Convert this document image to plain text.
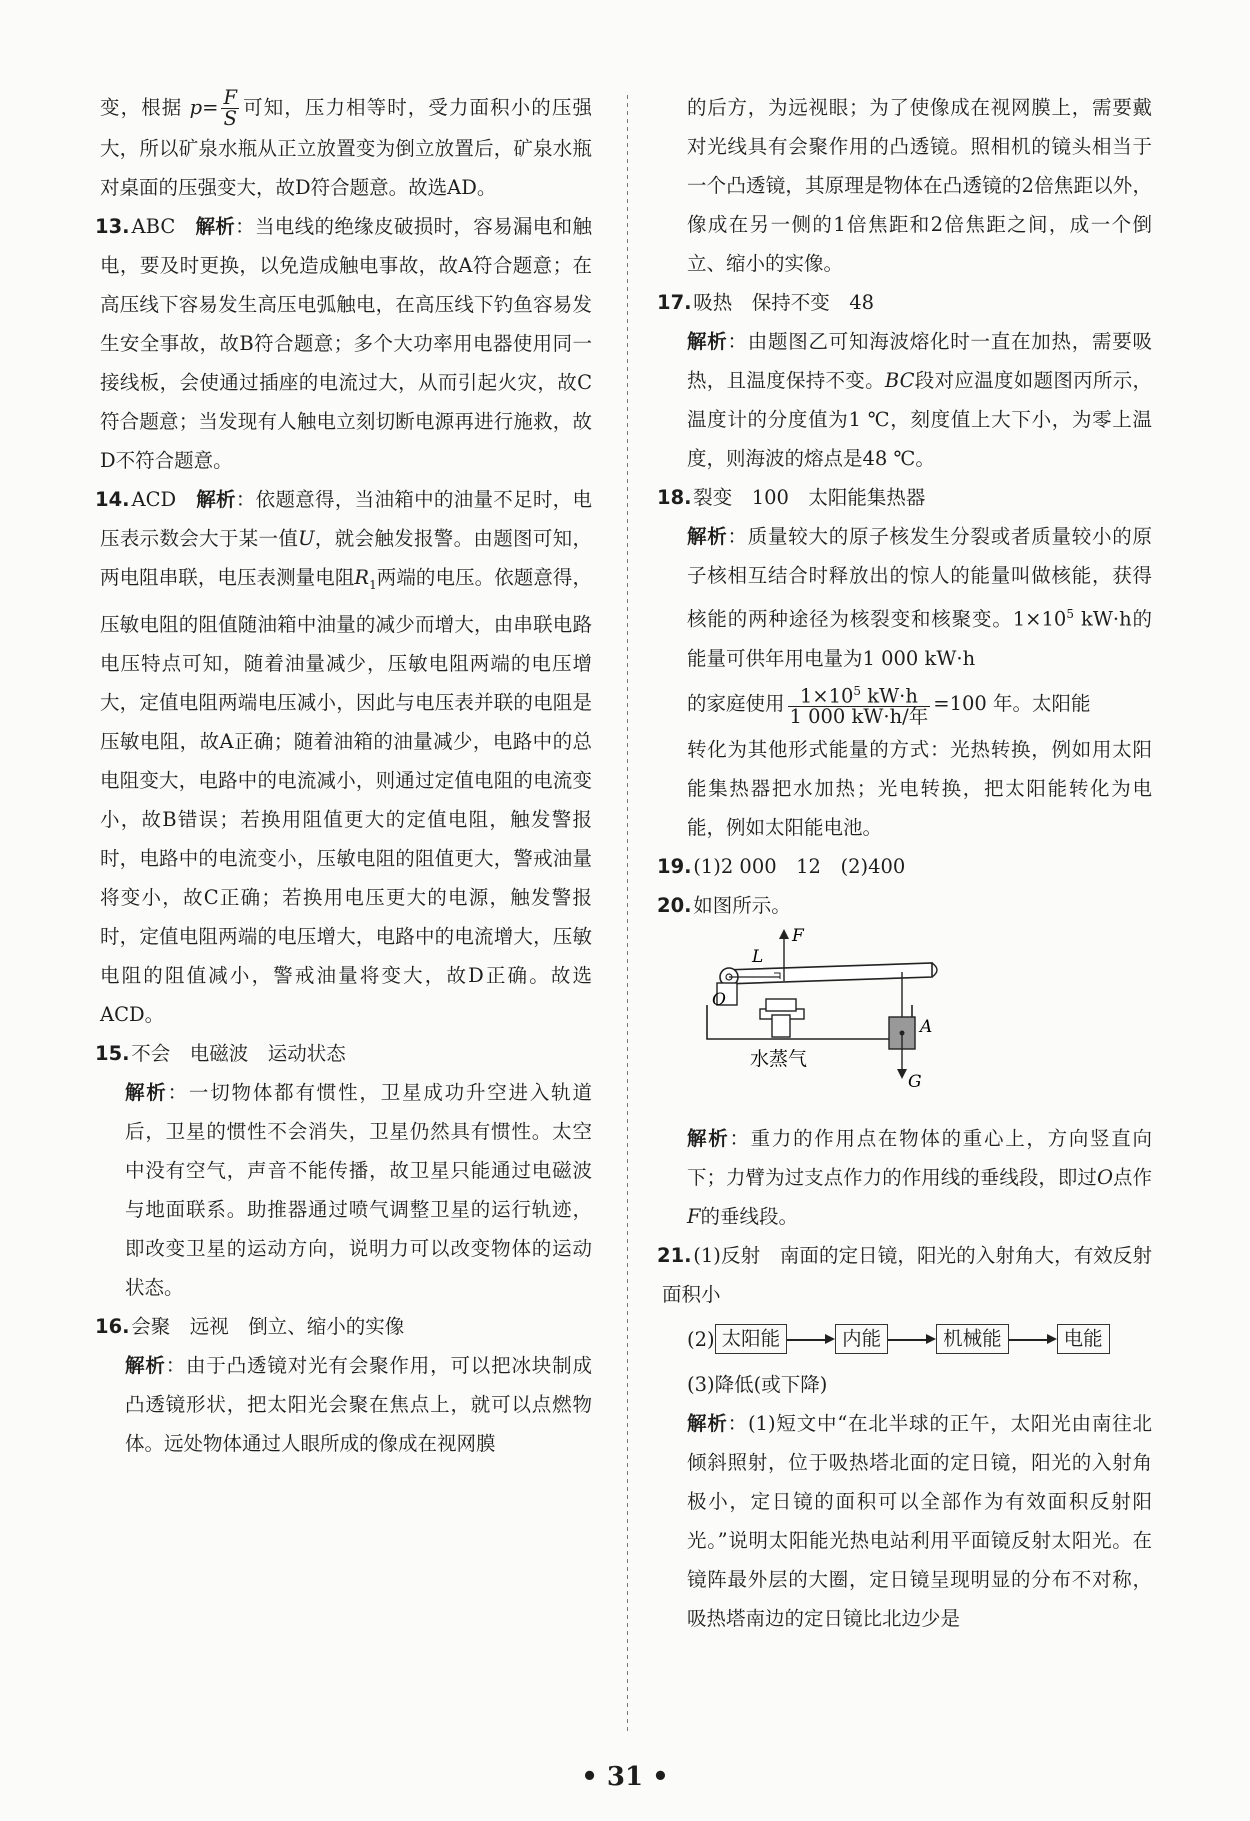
变，根据 $p= \frac{F}{S}$ 可知，压力相等时，受力面积小的压强大，所以矿泉水瓶从正立放置变为倒立放置后，矿泉水瓶对桌面的压强变大，故D符合题意。故选AD。

13. ABC　 解析：当电线的绝缘皮破损时，容易漏电和触电，要及时更换，以免造成触电事故，故A符合题意；在高压线下容易发生高压电弧触电，在高压线下钓鱼容易发生安全事故，故B符合题意；多个大功率用电器使用同一接线板，会使通过插座的电流过大，从而引起火灾，故C符合题意；当发现有人触电立刻切断电源再进行施救，故D不符合题意。

14. ACD　 解析：依题意得，当油箱中的油量不足时，电压表示数会大于某一值U，就会触发报警。由题图可知，两电阻串联，电压表测量电阻$R_1$两端的电压。依题意得，压敏电阻的阻值随油箱中油量的减少而增大，由串联电路电压特点可知，随着油量减少，压敏电阻两端的电压增大，定值电阻两端电压减小，因此与电压表并联的电阻是压敏电阻，故A正确；随着油箱的油量减少，电路中的总电阻变大，电路中的电流减小，则通过定值电阻的电流变小，故B错误；若换用阻值更大的定值电阻，触发警报时，电路中的电流变小，压敏电阻的阻值更大，警戒油量将变小，故C正确；若换用电压更大的电源，触发警报时，定值电阻两端的电压增大，电路中的电流增大，压敏电阻的阻值减小，警戒油量将变大，故D正确。故选ACD。

15. 不会　电磁波　运动状态

解析：一切物体都有惯性，卫星成功升空进入轨道后，卫星的惯性不会消失，卫星仍然具有惯性。太空中没有空气，声音不能传播，故卫星只能通过电磁波与地面联系。助推器通过喷气调整卫星的运行轨迹，即改变卫星的运动方向，说明力可以改变物体的运动状态。

16. 会聚　远视　倒立、缩小的实像

解析：由于凸透镜对光有会聚作用，可以把冰块制成凸透镜形状，把太阳光会聚在焦点上，就可以点燃物体。远处物体通过人眼所成的像成在视网膜

的后方，为远视眼；为了使像成在视网膜上，需要戴对光线具有会聚作用的凸透镜。照相机的镜头相当于一个凸透镜，其原理是物体在凸透镜的2倍焦距以外，像成在另一侧的1倍焦距和2倍焦距之间，成一个倒立、缩小的实像。

17. 吸热　保持不变　48

解析：由题图乙可知海波熔化时一直在加热，需要吸热，且温度保持不变。BC段对应温度如题图丙所示，温度计的分度值为1 ℃，刻度值上大下小，为零上温度，则海波的熔点是48 ℃。

18. 裂变　100　太阳能集热器

解析：质量较大的原子核发生分裂或者质量较小的原子核相互结合时释放出的惊人的能量叫做核能，获得核能的两种途径为核裂变和核聚变。$1\times 10^5$ kW·h的能量可供年用电量为1 000 kW·h

的家庭使用 $\frac{1\times 10^5 kW\cdot h}{\text{1 000 kW·h/年}} =100$ 年。太阳能

转化为其他形式能量的方式：光热转换，例如用太阳能集热器把水加热；光电转换，把太阳能转化为电能，例如太阳能电池。

19. (1)2 000　12　(2)400

20. 如图所示。

F
L
O
A
G
水蒸气

解析：重力的作用点在物体的重心上，方向竖直向下；力臂为过支点作力的作用线的垂线段，即过O点作F的垂线段。

21. (1)反射　南面的定日镜，阳光的入射角大，有效反射面积小

(2) 太阳能	内能	机械能	电能

(3)降低(或下降)

解析：(1)短文中“在北半球的正午，太阳光由南往北倾斜照射，位于吸热塔北面的定日镜，阳光的入射角极小，定日镜的面积可以全部作为有效面积反射阳光。”说明太阳能光热电站利用平面镜反射太阳光。在镜阵最外层的大圈，定日镜呈现明显的分布不对称，吸热塔南边的定日镜比北边少是

• 31 •
